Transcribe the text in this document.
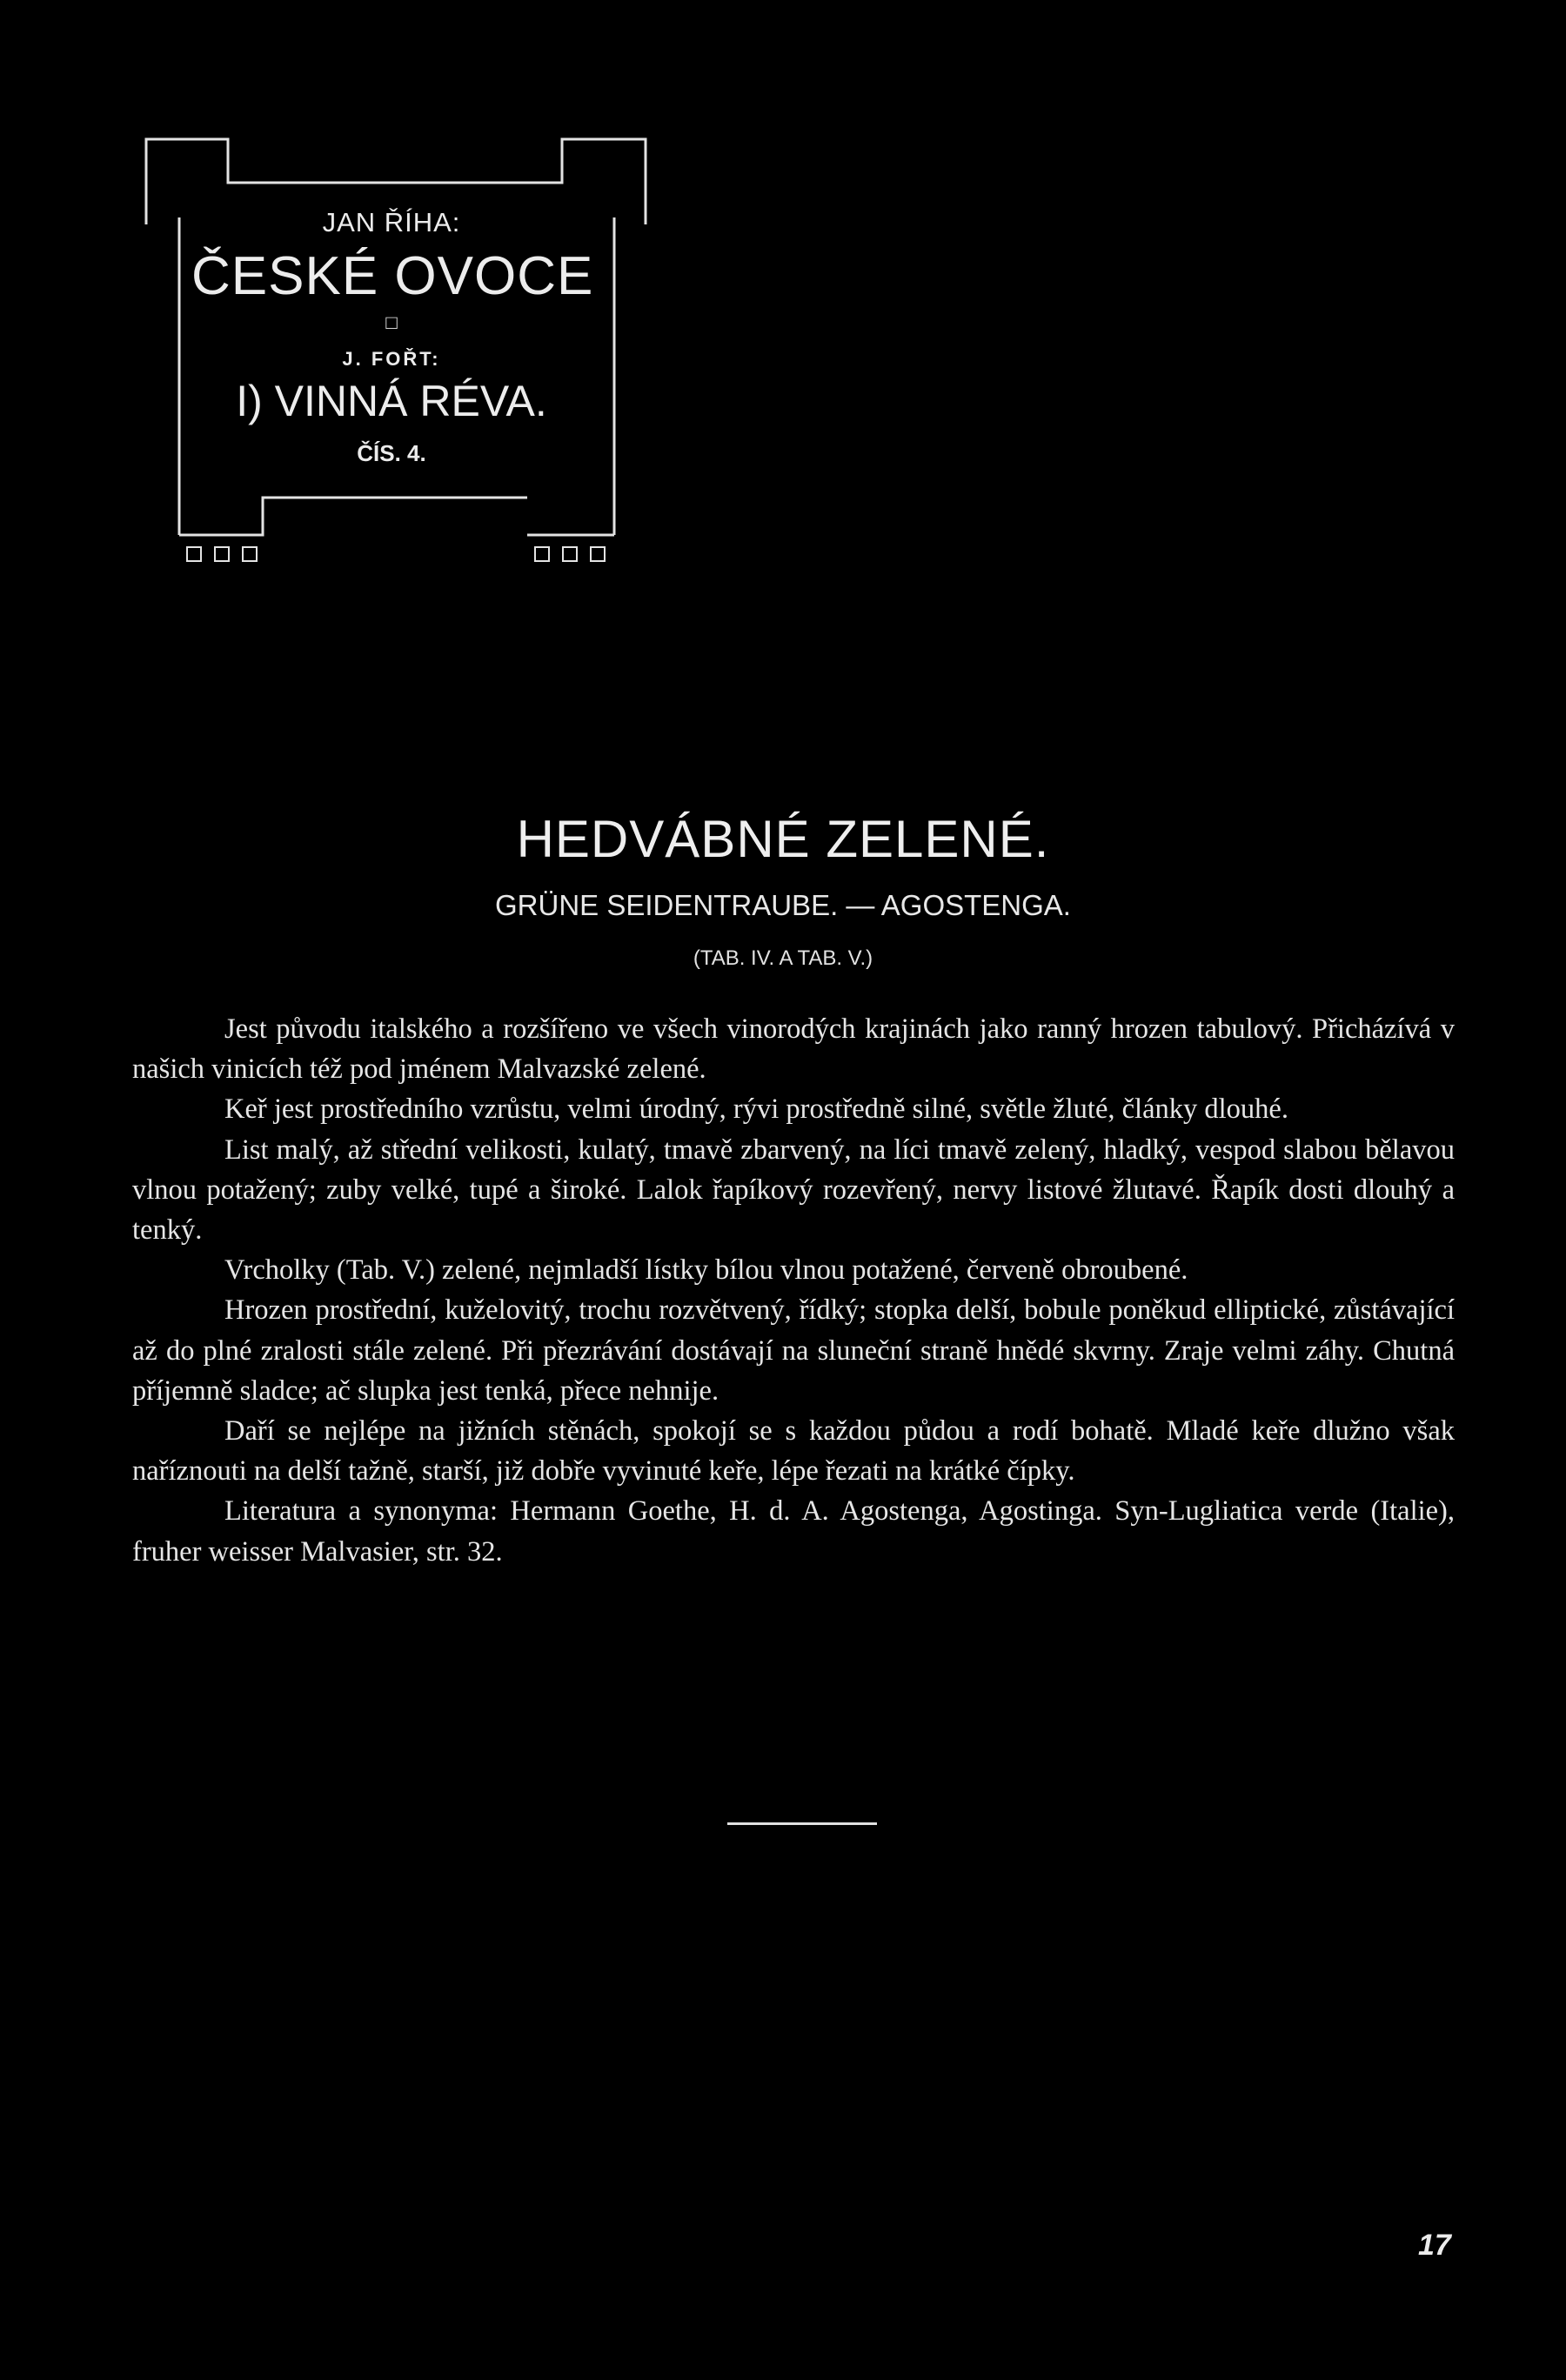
JAN ŘÍHA:
ČESKÉ OVOCE
□
J. FOŘT:
I) VINNÁ RÉVA.
ČÍS. 4.
HEDVÁBNÉ ZELENÉ.
GRÜNE SEIDENTRAUBE. — AGOSTENGA.
(TAB. IV. A TAB. V.)

Jest původu italského a rozšířeno ve všech vinorodých krajinách jako ranný hrozen tabulový. Přicházívá v našich vinicích též pod jménem Malvazské zelené.

Keř jest prostředního vzrůstu, velmi úrodný, rývi prostředně silné, světle žluté, články dlouhé.

List malý, až střední velikosti, kulatý, tmavě zbarvený, na líci tmavě zelený, hladký, vespod slabou bělavou vlnou potažený; zuby velké, tupé a široké. Lalok řapíkový rozevřený, nervy listové žlutavé. Řapík dosti dlouhý a tenký.

Vrcholky (Tab. V.) zelené, nejmladší lístky bílou vlnou potažené, červeně obroubené.

Hrozen prostřední, kuželovitý, trochu rozvětvený, řídký; stopka delší, bobule poněkud elliptické, zůstávající až do plné zralosti stále zelené. Při přezrávání dostávají na sluneční straně hnědé skvrny. Zraje velmi záhy. Chutná příjemně sladce; ač slupka jest tenká, přece nehnije.

Daří se nejlépe na jižních stěnách, spokojí se s každou půdou a rodí bohatě. Mladé keře dlužno však naříznouti na delší tažně, starší, již dobře vyvinuté keře, lépe řezati na krátké čípky.

Literatura a synonyma: Hermann Goethe, H. d. A. Agostenga, Agostinga. Syn-Lugliatica verde (Italie), fruher weisser Malvasier, str. 32.

17
